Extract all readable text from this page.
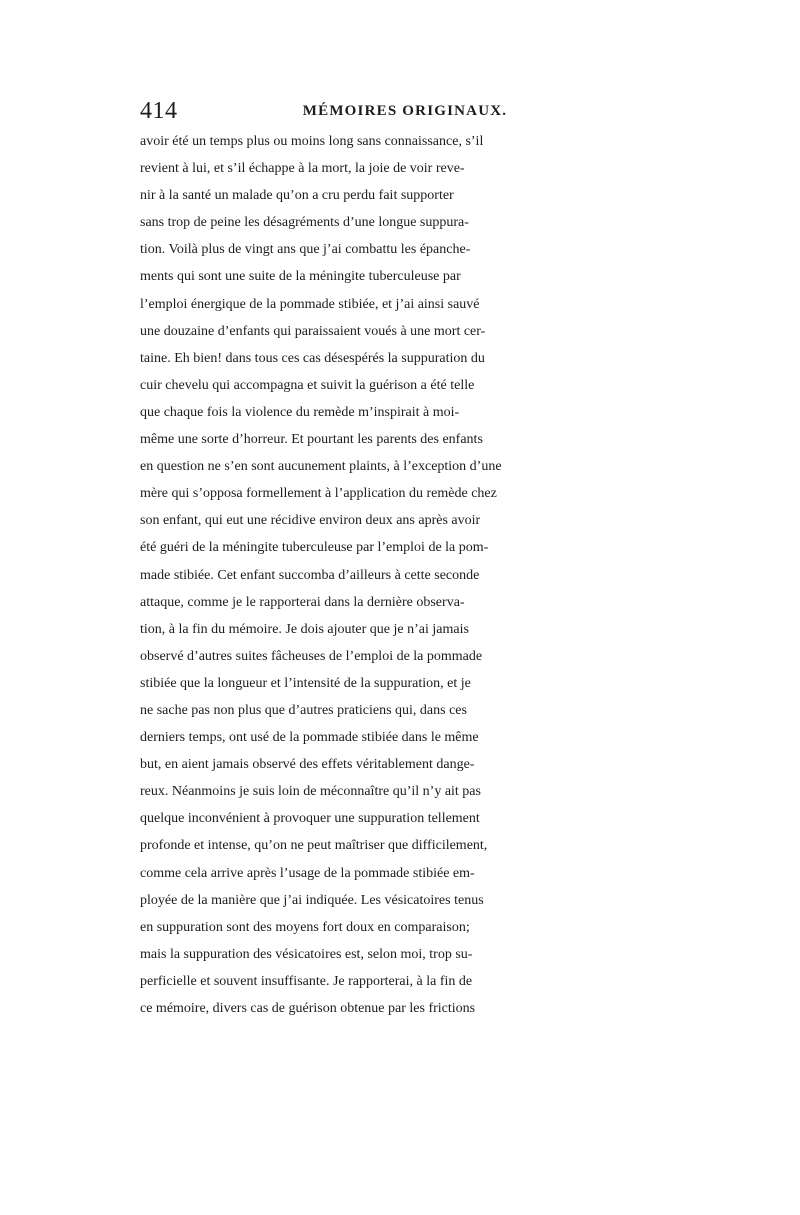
414	MÉMOIRES ORIGINAUX.
avoir été un temps plus ou moins long sans connaissance, s’il
revient à lui, et s’il échappe à la mort, la joie de voir reve-
nir à la santé un malade qu’on a cru perdu fait supporter
sans trop de peine les désagréments d’une longue suppura-
tion. Voilà plus de vingt ans que j’ai combattu les épanche-
ments qui sont une suite de la méningite tuberculeuse par
l’emploi énergique de la pommade stibiée, et j’ai ainsi sauvé
une douzaine d’enfants qui paraissaient voués à une mort cer-
taine. Eh bien! dans tous ces cas désespérés la suppuration du
cuir chevelu qui accompagna et suivit la guérison a été telle
que chaque fois la violence du remède m’inspirait à moi-
même une sorte d’horreur. Et pourtant les parents des enfants
en question ne s’en sont aucunement plaints, à l’exception d’une
mère qui s’opposa formellement à l’application du remède chez
son enfant, qui eut une récidive environ deux ans après avoir
été guéri de la méningite tuberculeuse par l’emploi de la pom-
made stibiée. Cet enfant succomba d’ailleurs à cette seconde
attaque, comme je le rapporterai dans la dernière observa-
tion, à la fin du mémoire. Je dois ajouter que je n’ai jamais
observé d’autres suites fâcheuses de l’emploi de la pommade
stibiée que la longueur et l’intensité de la suppuration, et je
ne sache pas non plus que d’autres praticiens qui, dans ces
derniers temps, ont usé de la pommade stibiée dans le même
but, en aient jamais observé des effets véritablement dange-
reux. Néanmoins je suis loin de méconnaître qu’il n’y ait pas
quelque inconvénient à provoquer une suppuration tellement
profonde et intense, qu’on ne peut maîtriser que difficilement,
comme cela arrive après l’usage de la pommade stibiée em-
ployée de la manière que j’ai indiquée. Les vésicatoires tenus
en suppuration sont des moyens fort doux en comparaison;
mais la suppuration des vésicatoires est, selon moi, trop su-
perficielle et souvent insuffisante. Je rapporterai, à la fin de
ce mémoire, divers cas de guérison obtenue par les frictions
